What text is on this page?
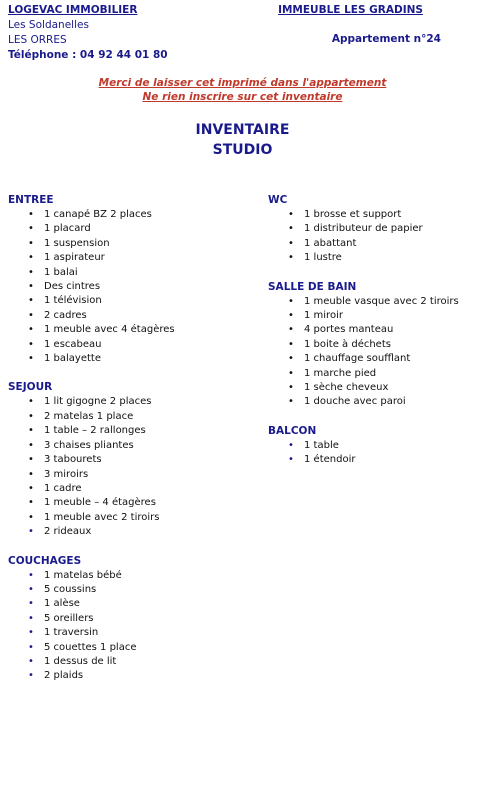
LOGEVAC IMMOBILIER
Les Soldanelles
LES ORRES
Téléphone : 04 92 44 01 80
IMMEUBLE LES GRADINS
Appartement n°24
Merci de laisser cet imprimé dans l'appartement
Ne rien inscrire sur cet inventaire
INVENTAIRE
STUDIO
ENTREE
• 1 canapé BZ 2 places
• 1 placard
• 1 suspension
• 1 aspirateur
• 1 balai
• Des cintres
• 1 télévision
• 2 cadres
• 1 meuble avec 4 étagères
• 1 escabeau
• 1 balayette
SEJOUR
• 1 lit gigogne 2 places
• 2 matelas 1 place
• 1 table – 2 rallonges
• 3 chaises pliantes
• 3 tabourets
• 3 miroirs
• 1 cadre
• 1 meuble – 4 étagères
• 1 meuble avec 2 tiroirs
• 2 rideaux
COUCHAGES
• 1 matelas bébé
• 5 coussins
• 1 alèse
• 5 oreillers
• 1 traversin
• 5 couettes 1 place
• 1 dessus de lit
• 2 plaids
WC
• 1 brosse et support
• 1 distributeur de papier
• 1 abattant
• 1 lustre
SALLE DE BAIN
• 1 meuble vasque avec 2 tiroirs
• 1 miroir
• 4 portes manteau
• 1 boite à déchets
• 1 chauffage soufflant
• 1 marche pied
• 1 sèche cheveux
• 1 douche avec paroi
BALCON
• 1 table
• 1 étendoir
